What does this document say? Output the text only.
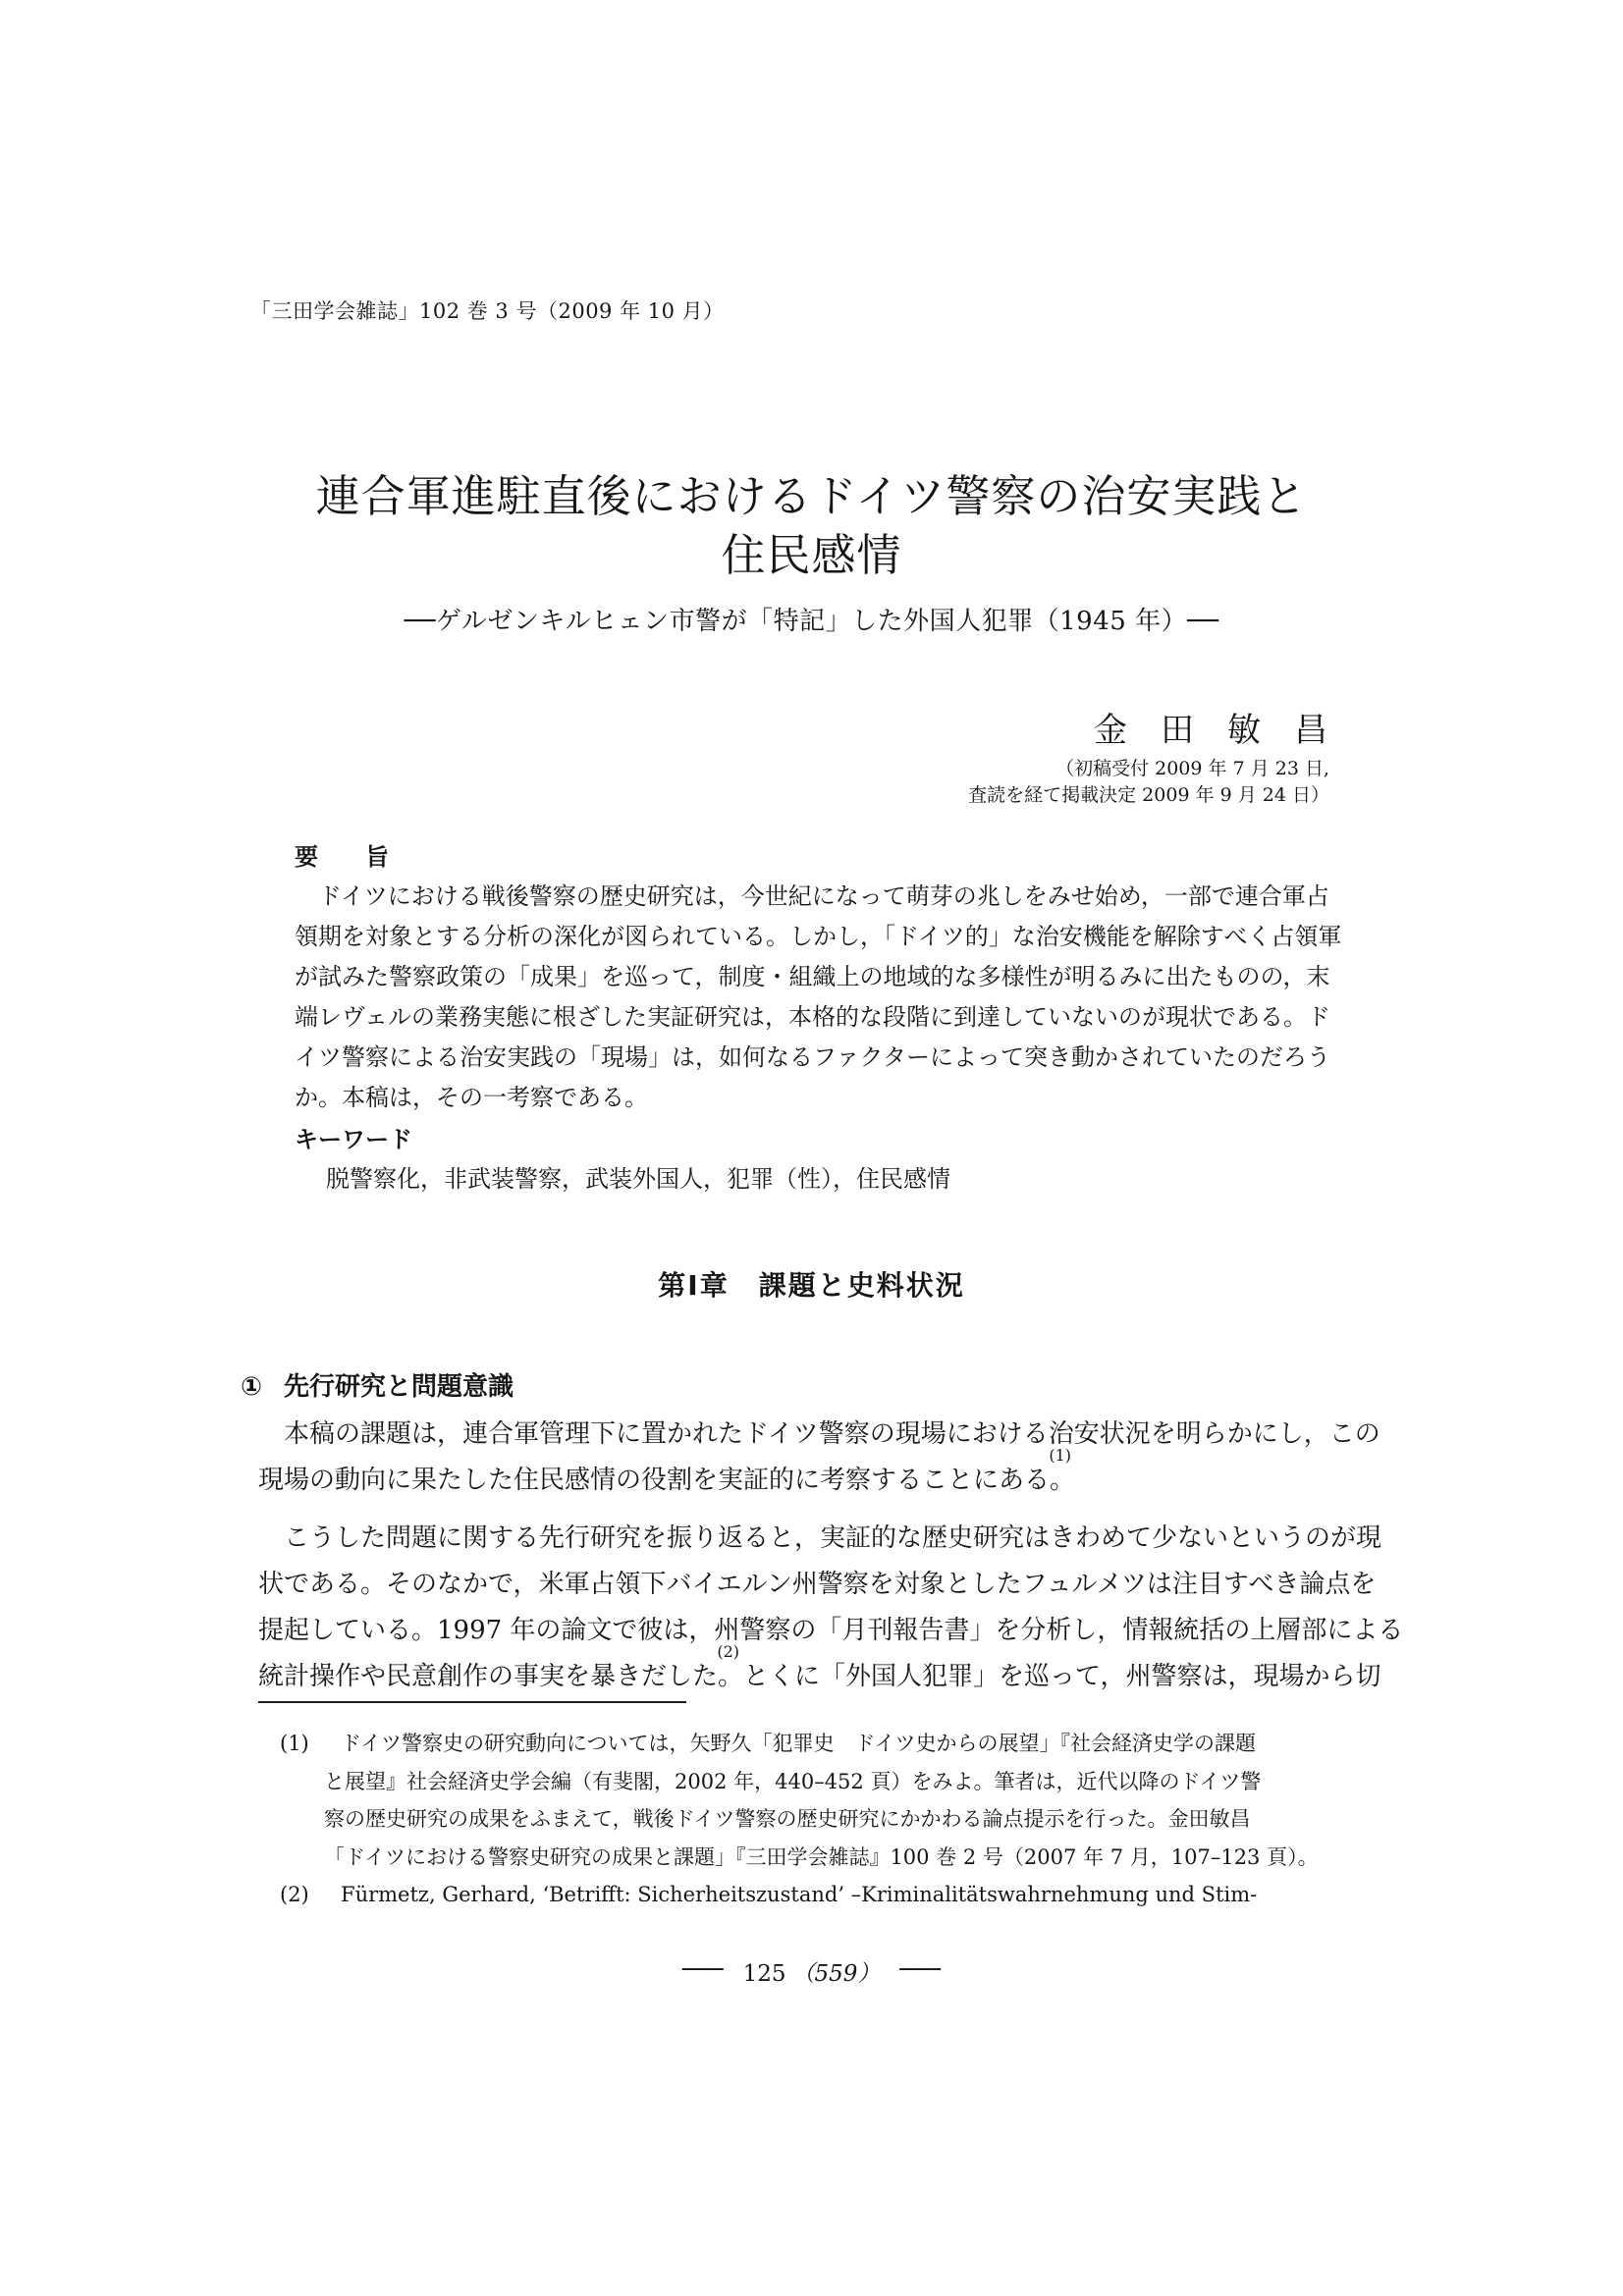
「三田学会雑誌」102 巻 3 号（2009 年 10 月）
連合軍進駐直後におけるドイツ警察の治安実践と
住民感情
──ゲルゼンキルヒェン市警が「特記」した外国人犯罪（1945 年）──
金　田　敏　昌
（初稿受付 2009 年 7 月 23 日,
査読を経て掲載決定 2009 年 9 月 24 日）
要　　旨
　ドイツにおける戦後警察の歴史研究は，今世紀になって萌芽の兆しをみせ始め，一部で連合軍占
領期を対象とする分析の深化が図られている。しかし，「ドイツ的」な治安機能を解除すべく占領軍
が試みた警察政策の「成果」を巡って，制度・組織上の地域的な多様性が明るみに出たものの，末
端レヴェルの業務実態に根ざした実証研究は，本格的な段階に到達していないのが現状である。ド
イツ警察による治安実践の「現場」は，如何なるファクターによって突き動かされていたのだろう
か。本稿は，その一考察である。
キーワード
脱警察化，非武装警察，武装外国人，犯罪（性），住民感情
第Ⅰ章　課題と史料状況
① 先行研究と問題意識
　本稿の課題は，連合軍管理下に置かれたドイツ警察の現場における治安状況を明らかにし，この
現場の動向に果たした住民感情の役割を実証的に考察することにある。
(1)
　こうした問題に関する先行研究を振り返ると，実証的な歴史研究はきわめて少ないというのが現
状である。そのなかで，米軍占領下バイエルン州警察を対象としたフュルメツは注目すべき論点を
提起している。1997 年の論文で彼は，州警察の「月刊報告書」を分析し，情報統括の上層部による
統計操作や民意創作の事実を暴きだした。
(2)
とくに「外国人犯罪」を巡って，州警察は，現場から切
(1) ドイツ警察史の研究動向については，矢野久「犯罪史　ドイツ史からの展望」『社会経済史学の課題
と展望』社会経済史学会編（有斐閣，2002 年，440–452 頁）をみよ。筆者は，近代以降のドイツ警
察の歴史研究の成果をふまえて，戦後ドイツ警察の歴史研究にかかわる論点提示を行った。金田敏昌
「ドイツにおける警察史研究の成果と課題」『三田学会雑誌』100 巻 2 号（2007 年 7 月，107–123 頁）。
(2) Fürmetz, Gerhard, ‘Betrifft: Sicherheitszustand’ –Kriminalitätswahrnehmung und Stim-
─── 125 （559） ───
